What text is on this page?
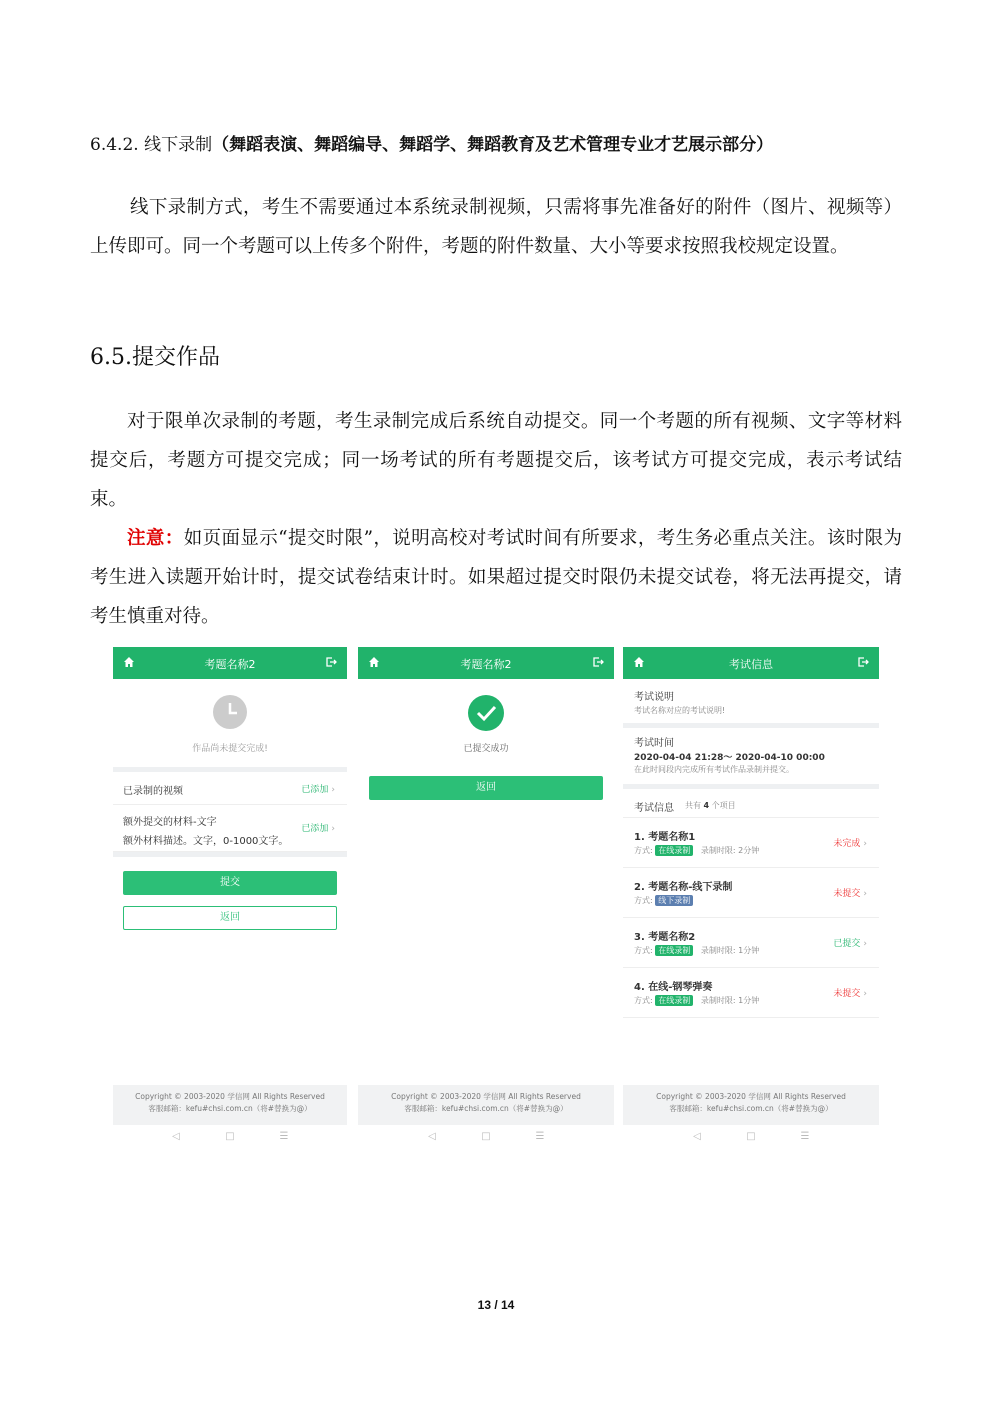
6.4.2. 线下录制（舞蹈表演、舞蹈编导、舞蹈学、舞蹈教育及艺术管理专业才艺展示部分）
线下录制方式，考生不需要通过本系统录制视频，只需将事先准备好的附件（图片、视频等）上传即可。同一个考题可以上传多个附件，考题的附件数量、大小等要求按照我校规定设置。
6.5.提交作品
对于限单次录制的考题，考生录制完成后系统自动提交。同一个考题的所有视频、文字等材料提交后，考题方可提交完成；同一场考试的所有考题提交后，该考试方可提交完成，表示考试结束。
注意：如页面显示“提交时限”，说明高校对考试时间有所要求，考生务必重点关注。该时限为考生进入读题开始计时，提交试卷结束计时。如果超过提交时限仍未提交试卷，将无法再提交，请考生慎重对待。
考题名称2
作品尚未提交完成!
已录制的视频	已添加 ›
额外提交的材料-文字
额外材料描述。文字，0-1000文字。
已添加 ›
提交
返回
Copyright © 2003-2020 学信网 All Rights Reserved
客服邮箱：kefu#chsi.com.cn（将#替换为@）
◁	□	☰
考题名称2
已提交成功
返回
Copyright © 2003-2020 学信网 All Rights Reserved
客服邮箱：kefu#chsi.com.cn（将#替换为@）
◁	□	☰
考试信息
考试说明
考试名称对应的考试说明!
考试时间
2020-04-04 21:28～ 2020-04-10 00:00
在此时间段内完成所有考试作品录制并提交。
考试信息 共有 4 个项目
1. 考题名称1
方式: 在线录制 录制时限: 2分钟
未完成 ›
2. 考题名称-线下录制
方式: 线下录制
未提交 ›
3. 考题名称2
方式: 在线录制 录制时限: 1分钟
已提交 ›
4. 在线-钢琴弹奏
方式: 在线录制 录制时限: 1分钟
未提交 ›
Copyright © 2003-2020 学信网 All Rights Reserved
客服邮箱：kefu#chsi.com.cn（将#替换为@）
◁	□	☰
13 / 14
